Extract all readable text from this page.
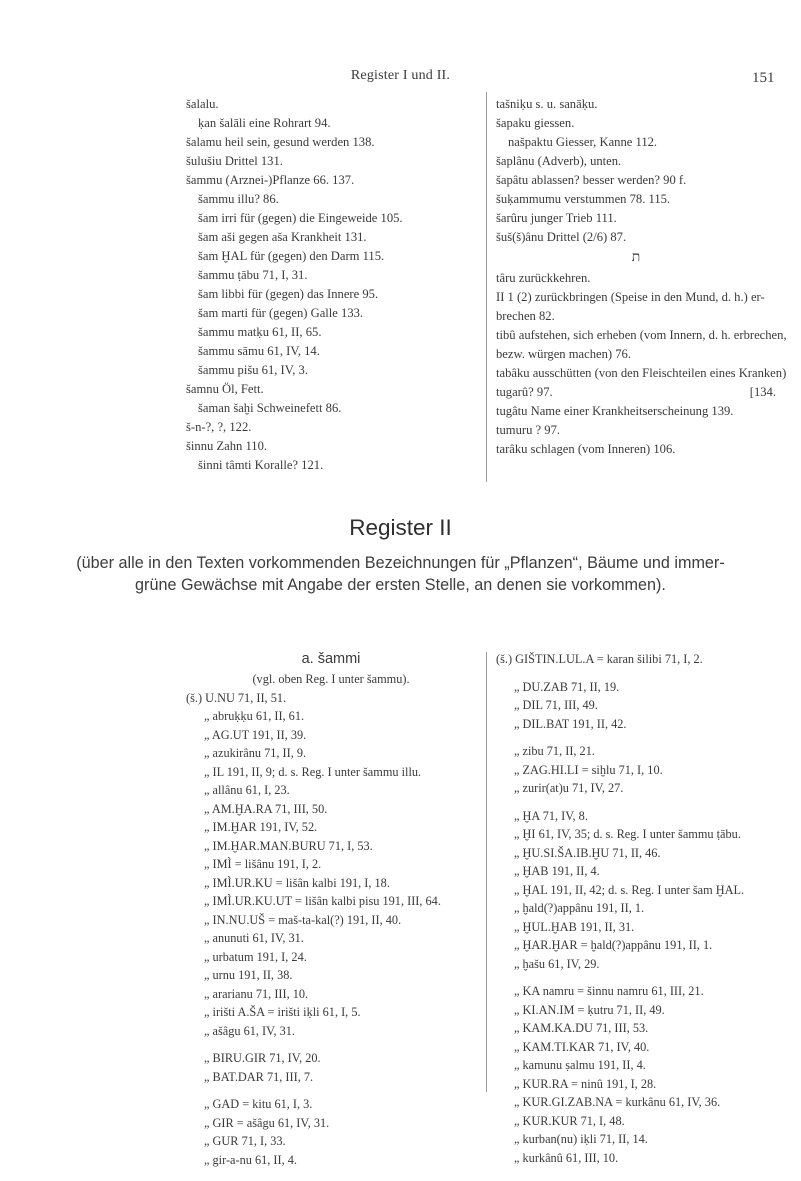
Register I und II.	151
šalalu.
ḳan šalāli eine Rohrart 94.
šalamu heil sein, gesund werden 138.
šulušiu Drittel 131.
šammu (Arznei-)Pflanze 66. 137.
šammu illu? 86.
šam irri für (gegen) die Eingeweide 105.
šam aši gegen aša Krankheit 131.
šam ḪAL für (gegen) den Darm 115.
šammu ṭābu 71, I, 31.
šam libbi für (gegen) das Innere 95.
šam marti für (gegen) Galle 133.
šammu matḳu 61, II, 65.
šammu sāmu 61, IV, 14.
šammu pišu 61, IV, 3.
šamnu Öl, Fett.
šaman šaḫi Schweinefett 86.
š-n-?, ?, 122.
šinnu Zahn 110.
šinni tâmti Koralle? 121.
tašniḳu s. u. sanāḳu.
šapaku giessen.
našpaktu Giesser, Kanne 112.
šaplânu (Adverb), unten.
šapâtu ablassen? besser werden? 90 f.
šuḳammumu verstummen 78. 115.
šarûru junger Trieb 111.
šuš(š)ânu Drittel (2/6) 87.
ת
târu zurückkehren.
II 1 (2) zurückbringen (Speise in den Mund, d. h.) er-
brechen 82.
tibû aufstehen, sich erheben (vom Innern, d. h. erbrechen,
bezw. würgen machen) 76.
tabâku ausschütten (von den Fleischteilen eines Kranken)
tugarû? 97.	[134.
tugâtu Name einer Krankheitserscheinung 139.
tumuru ? 97.
tarâku schlagen (vom Inneren) 106.
Register II
(über alle in den Texten vorkommenden Bezeichnungen für „Pflanzen“, Bäume und immer-
grüne Gewächse mit Angabe der ersten Stelle, an denen sie vorkommen).
a. šammi
(vgl. oben Reg. I unter šammu).
(š.) U.NU 71, II, 51.
„ abruḳḳu 61, II, 61.
„ AG.UT 191, II, 39.
„ azukirânu 71, II, 9.
„ IL 191, II, 9; d. s. Reg. I unter šammu illu.
„ allânu 61, I, 23.
„ AM.ḪA.RA 71, III, 50.
„ IM.ḪAR 191, IV, 52.
„ IM.ḪAR.MAN.BURU 71, I, 53.
„ IMÌ = lišânu 191, I, 2.
„ IMÌ.UR.KU = lišân kalbi 191, I, 18.
„ IMÌ.UR.KU.UT = lišân kalbi pisu 191, III, 64.
„ IN.NU.UŠ = maš-ta-kal(?) 191, II, 40.
„ anunuti 61, IV, 31.
„ urbatum 191, I, 24.
„ urnu 191, II, 38.
„ ararianu 71, III, 10.
„ irišti A.ŠA = irišti iḳli 61, I, 5.
„ ašâgu 61, IV, 31.
„ BIRU.GIR 71, IV, 20.
„ BAT.DAR 71, III, 7.
„ GAD = kitu 61, I, 3.
„ GIR = ašâgu 61, IV, 31.
„ GUR 71, I, 33.
„ gir-a-nu 61, II, 4.
(š.) GIŠTIN.LUL.A = karan šilibi 71, I, 2.
„ DU.ZAB 71, II, 19.
„ DIL 71, III, 49.
„ DIL.BAT 191, II, 42.
„ zibu 71, II, 21.
„ ZAG.HI.LI = siḫlu 71, I, 10.
„ zurir(at)u 71, IV, 27.
„ ḪA 71, IV, 8.
„ ḪI 61, IV, 35; d. s. Reg. I unter šammu ṭābu.
„ ḪU.SI.ŠA.IB.ḪU 71, II, 46.
„ ḪAB 191, II, 4.
„ ḪAL 191, II, 42; d. s. Reg. I unter šam ḪAL.
„ ḫald(?)appânu 191, II, 1.
„ ḪUL.ḪAB 191, II, 31.
„ ḪAR.ḪAR = ḫald(?)appânu 191, II, 1.
„ ḫašu 61, IV, 29.
„ KA namru = šinnu namru 61, III, 21.
„ KI.AN.IM = ḳutru 71, II, 49.
„ KAM.KA.DU 71, III, 53.
„ KAM.TI.KAR 71, IV, 40.
„ kamunu ṣalmu 191, II, 4.
„ KUR.RA = ninû 191, I, 28.
„ KUR.GI.ZAB.NA = kurkânu 61, IV, 36.
„ KUR.KUR 71, I, 48.
„ kurban(nu) iḳli 71, II, 14.
„ kurkânû 61, III, 10.
